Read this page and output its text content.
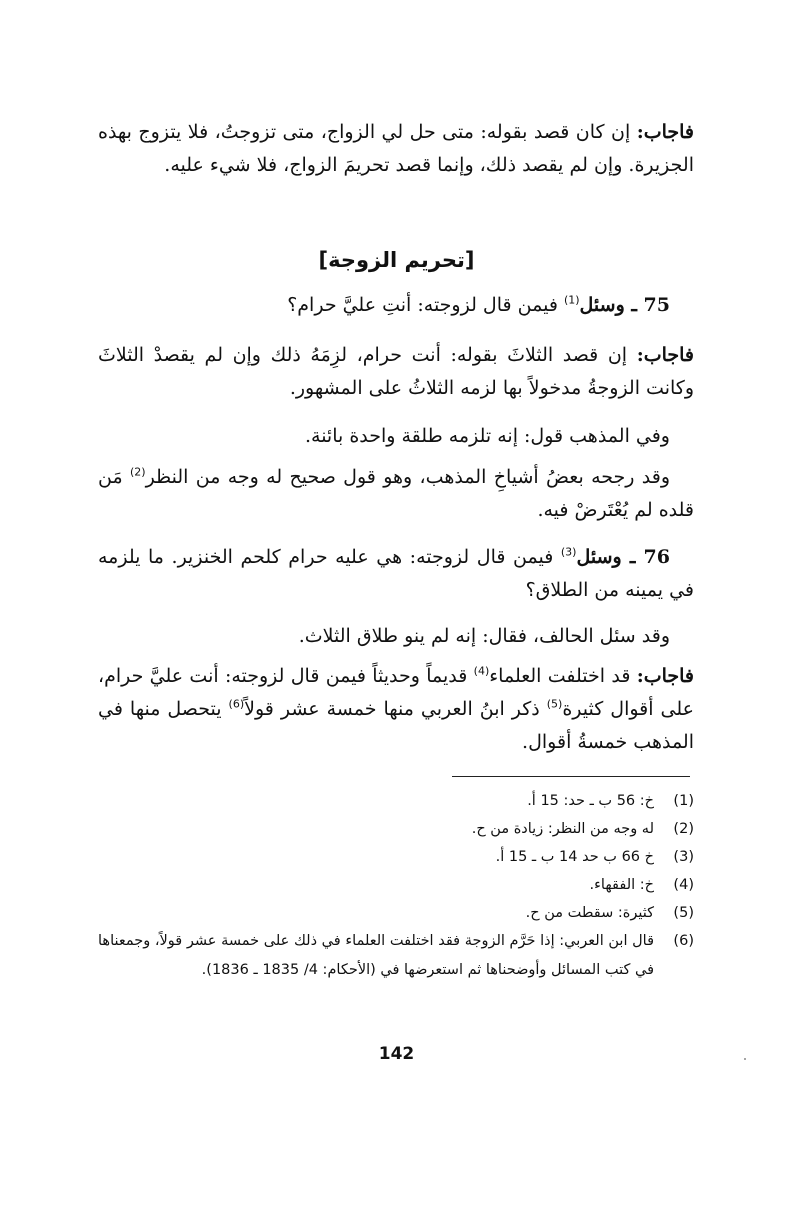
فاجاب: إن كان قصد بقوله: متى حل لي الزواج، متى تزوجتُ، فلا يتزوج بهذه الجزيرة. وإن لم يقصد ذلك، وإنما قصد تحريمَ الزواج، فلا شيء عليه.
[تحريم الزوجة]
75 ـ وسئل$^{(1)}$ فيمن قال لزوجته: أنتِ عليَّ حرام؟
فاجاب: إن قصد الثلاثَ بقوله: أنت حرام، لزِمَهُ ذلك وإن لم يقصدْ الثلاثَ وكانت الزوجةُ مدخولاً بها لزمه الثلاثُ على المشهور.
وفي المذهب قول: إنه تلزمه طلقة واحدة بائنة.
وقد رجحه بعضُ أشياخِ المذهب، وهو قول صحيح له وجه من النظر$^{(2)}$ مَن قلده لم يُعْتَرضْ فيه.
76 ـ وسئل$^{(3)}$ فيمن قال لزوجته: هي عليه حرام كلحم الخنزير. ما يلزمه في يمينه من الطلاق؟
وقد سئل الحالف، فقال: إنه لم ينو طلاق الثلاث.
فاجاب: قد اختلفت العلماء$^{(4)}$ قديماً وحديثاً فيمن قال لزوجته: أنت عليَّ حرام، على أقوال كثيرة$^{(5)}$ ذكر ابنُ العربي منها خمسة عشر قولاً$^{(6)}$ يتحصل منها في المذهب خمسةُ أقوال.
(1)
خ: 56 ب ـ حد: 15 أ.
(2)
له وجه من النظر: زيادة من ح.
(3)
خ 66 ب حد 14 ب ـ 15 أ.
(4)
خ: الفقهاء.
(5)
كثيرة: سقطت من ح.
(6)
قال ابن العربي: إذا حَرَّم الزوجة فقد اختلفت العلماء في ذلك على خمسة عشر قولاً، وجمعناها في كتب المسائل وأوضحناها ثم استعرضها في (الأحكام: 4/ 1835 ـ 1836).
142
